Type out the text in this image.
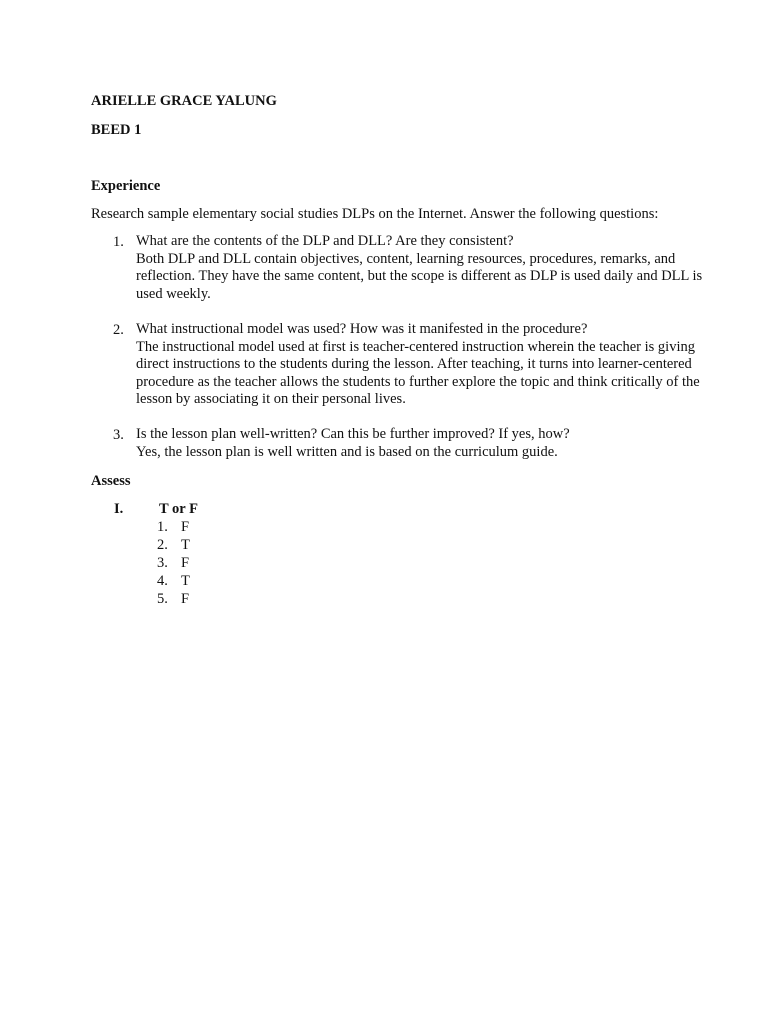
ARIELLE GRACE YALUNG
BEED 1
Experience
Research sample elementary social studies DLPs on the Internet. Answer the following questions:
1. What are the contents of the DLP and DLL? Are they consistent?
Both DLP and DLL contain objectives, content, learning resources, procedures, remarks, and
reflection. They have the same content, but the scope is different as DLP is used daily and DLL is
used weekly.
2. What instructional model was used? How was it manifested in the procedure?
The instructional model used at first is teacher-centered instruction wherein the teacher is giving
direct instructions to the students during the lesson. After teaching, it turns into learner-centered
procedure as the teacher allows the students to further explore the topic and think critically of the
lesson by associating it on their personal lives.
3. Is the lesson plan well-written? Can this be further improved? If yes, how?
Yes, the lesson plan is well written and is based on the curriculum guide.
Assess
I. T or F
1. F
2. T
3. F
4. T
5. F
